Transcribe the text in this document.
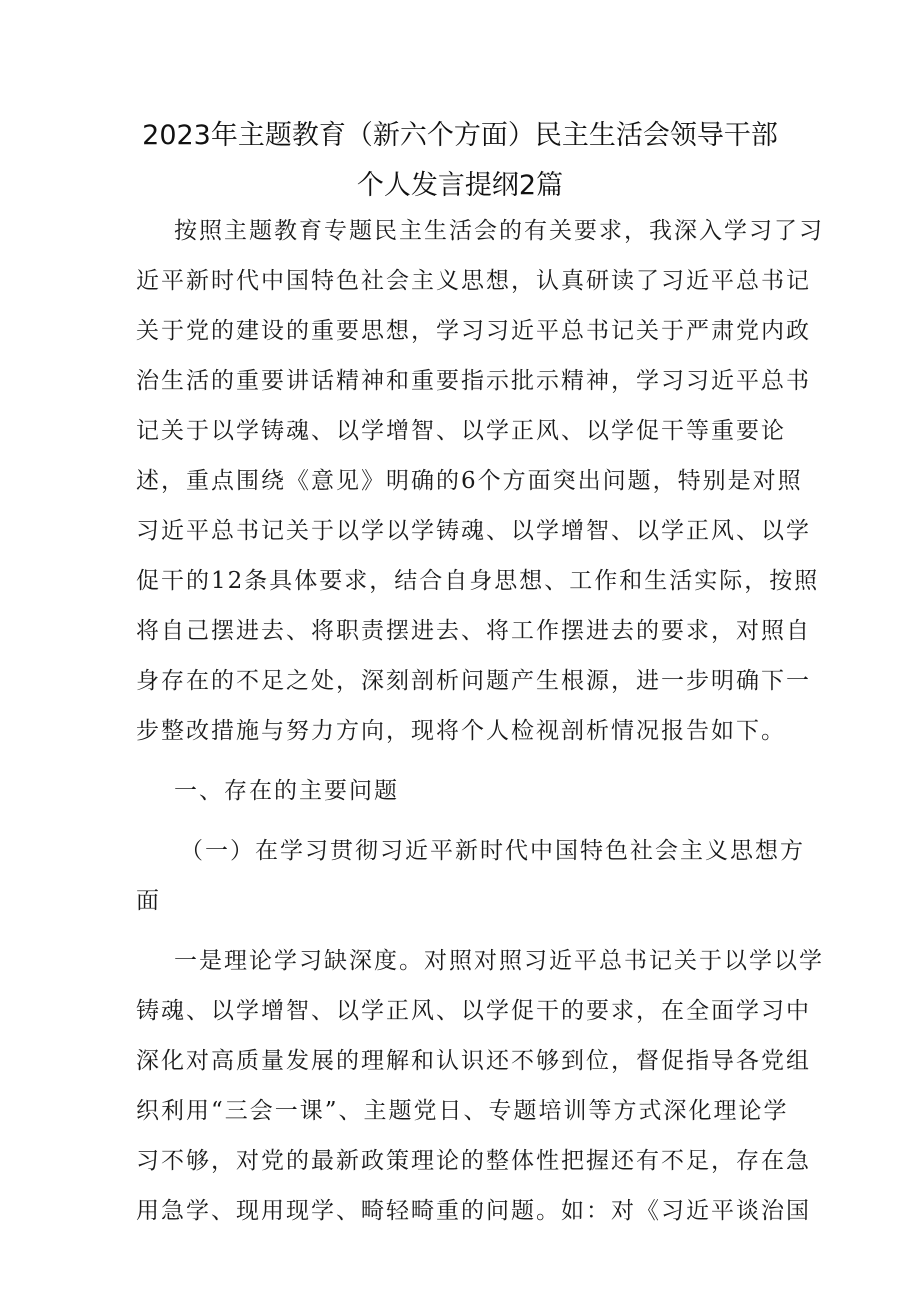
2023年主题教育（新六个方面）民主生活会领导干部
个人发言提纲2篇
按照主题教育专题民主生活会的有关要求，我深入学习了习
近平新时代中国特色社会主义思想，认真研读了习近平总书记
关于党的建设的重要思想，学习习近平总书记关于严肃党内政
治生活的重要讲话精神和重要指示批示精神，学习习近平总书
记关于以学铸魂、以学增智、以学正风、以学促干等重要论
述，重点围绕《意见》明确的6个方面突出问题，特别是对照
习近平总书记关于以学以学铸魂、以学增智、以学正风、以学
促干的12条具体要求，结合自身思想、工作和生活实际，按照
将自己摆进去、将职责摆进去、将工作摆进去的要求，对照自
身存在的不足之处，深刻剖析问题产生根源，进一步明确下一
步整改措施与努力方向，现将个人检视剖析情况报告如下。
一、存在的主要问题
（一）在学习贯彻习近平新时代中国特色社会主义思想方
面
一是理论学习缺深度。对照对照习近平总书记关于以学以学
铸魂、以学增智、以学正风、以学促干的要求，在全面学习中
深化对高质量发展的理解和认识还不够到位，督促指导各党组
织利用“三会一课”、主题党日、专题培训等方式深化理论学
习不够，对党的最新政策理论的整体性把握还有不足，存在急
用急学、现用现学、畸轻畸重的问题。如：对《习近平谈治国
